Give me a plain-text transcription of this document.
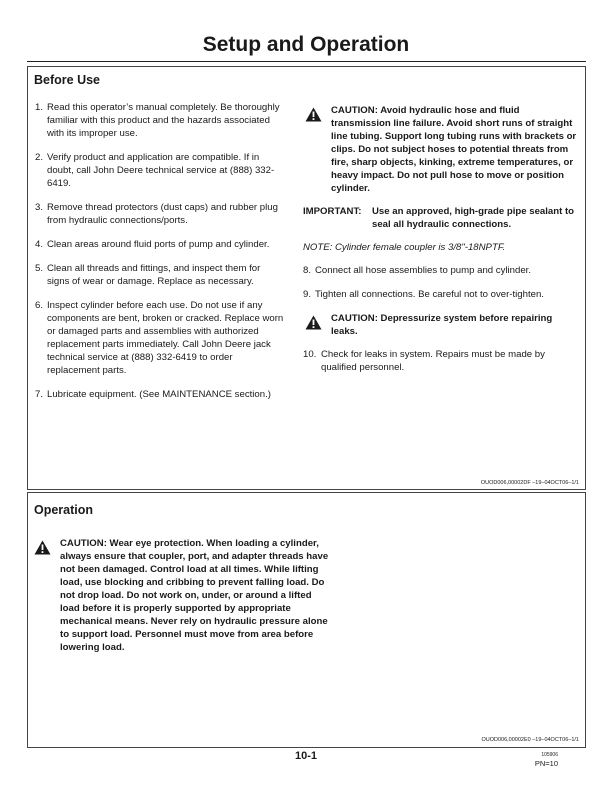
Setup and Operation
Before Use
1. Read this operator’s manual completely. Be thoroughly familiar with this product and the hazards associated with its improper use.
2. Verify product and application are compatible. If in doubt, call John Deere technical service at (888) 332-6419.
3. Remove thread protectors (dust caps) and rubber plug from hydraulic connections/ports.
4. Clean areas around fluid ports of pump and cylinder.
5. Clean all threads and fittings, and inspect them for signs of wear or damage. Replace as necessary.
6. Inspect cylinder before each use. Do not use if any components are bent, broken or cracked. Replace worn or damaged parts and assemblies with authorized replacement parts immediately. Call John Deere jack technical service at (888) 332-6419 to order replacement parts.
7. Lubricate equipment. (See MAINTENANCE section.)
CAUTION: Avoid hydraulic hose and fluid transmission line failure. Avoid short runs of straight line tubing. Support long tubing runs with brackets or clips. Do not subject hoses to potential threats from fire, sharp objects, kinking, extreme temperatures, or heavy impact. Do not pull hose to move or position cylinder.
IMPORTANT:	Use an approved, high-grade pipe sealant to seal all hydraulic connections.
NOTE: Cylinder female coupler is 3/8"-18NPTF.
8. Connect all hose assemblies to pump and cylinder.
9. Tighten all connections. Be careful not to over-tighten.
CAUTION: Depressurize system before repairing leaks.
10. Check for leaks in system. Repairs must be made by qualified personnel.
OUOD006,00002DF –19–04OCT06–1/1
Operation
CAUTION: Wear eye protection. When loading a cylinder, always ensure that coupler, port, and adapter threads have not been damaged. Control load at all times. While lifting load, use blocking and cribbing to prevent falling load. Do not drop load. Do not work on, under, or around a lifted load before it is properly supported by appropriate mechanical means. Never rely on hydraulic pressure alone to support load. Personnel must move from area before lowering load.
OUOD006,00002E0 –19–04OCT06–1/1
10-1	105906
PN=10
